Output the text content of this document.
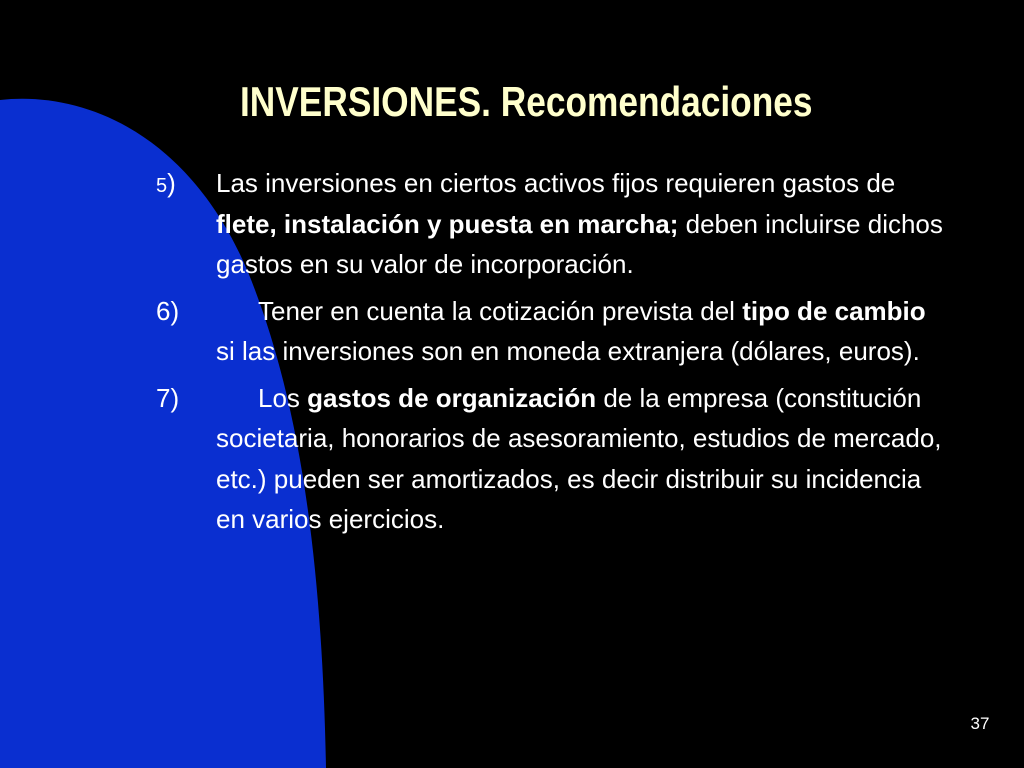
INVERSIONES. Recomendaciones
5)	Las inversiones en ciertos activos fijos requieren gastos de flete, instalación y puesta en marcha; deben incluirse dichos gastos en su valor de incorporación.
6)	Tener en cuenta la cotización prevista del tipo de cambio si las inversiones son en moneda extranjera (dólares, euros).
7)	Los gastos de organización de la empresa (constitución societaria, honorarios de asesoramiento, estudios de mercado, etc.) pueden ser amortizados, es decir distribuir su incidencia en varios ejercicios.
37
